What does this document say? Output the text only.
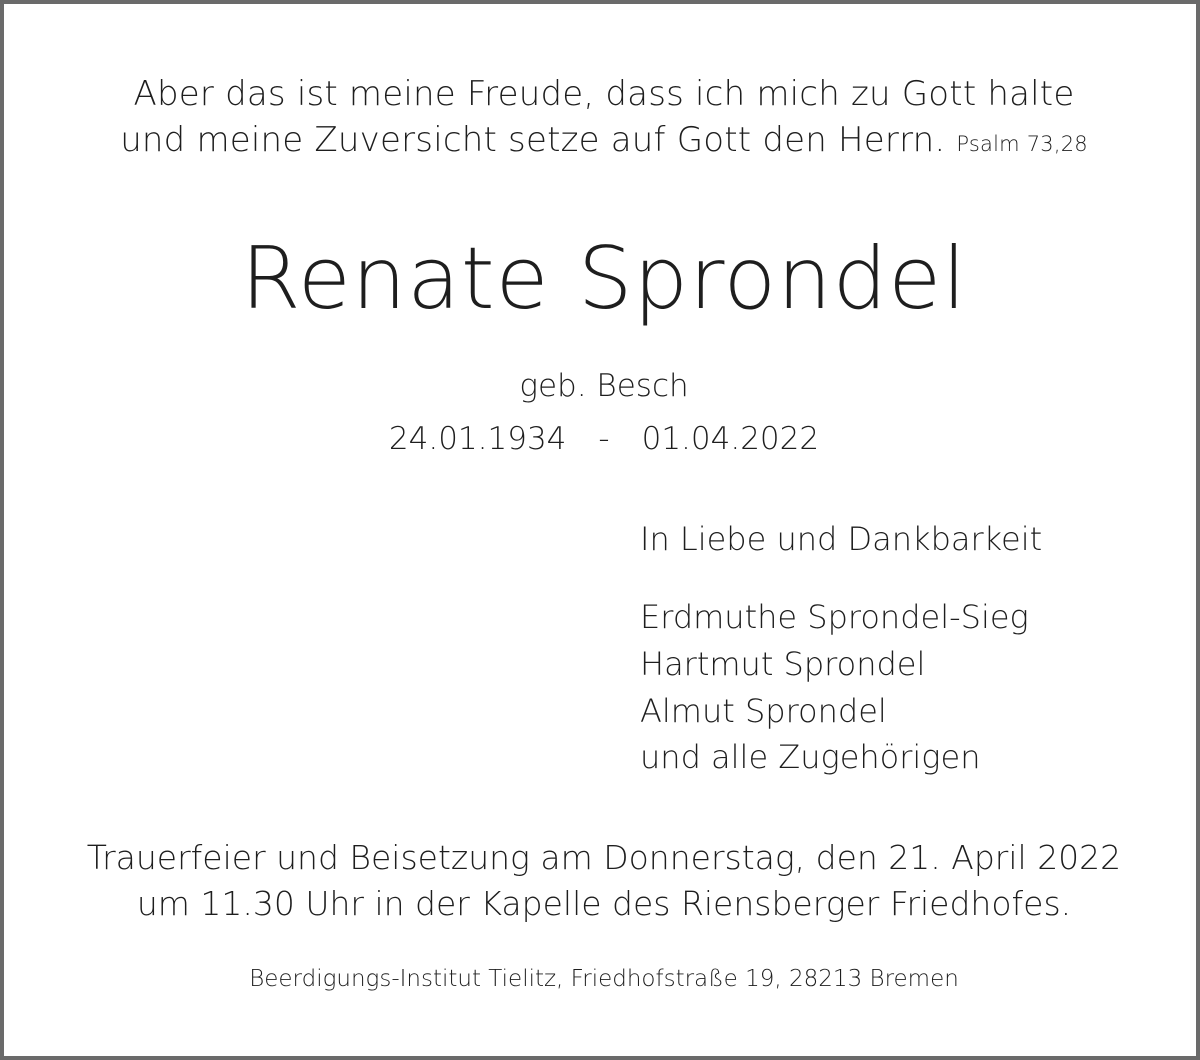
Aber das ist meine Freude, dass ich mich zu Gott halte
und meine Zuversicht setze auf Gott den Herrn. Psalm 73,28
Renate Sprondel
geb. Besch
24.01.1934 - 01.04.2022
In Liebe und Dankbarkeit
Erdmuthe Sprondel-Sieg
Hartmut Sprondel
Almut Sprondel
und alle Zugehörigen
Trauerfeier und Beisetzung am Donnerstag, den 21. April 2022
um 11.30 Uhr in der Kapelle des Riensberger Friedhofes.
Beerdigungs-Institut Tielitz, Friedhofstraße 19, 28213 Bremen
